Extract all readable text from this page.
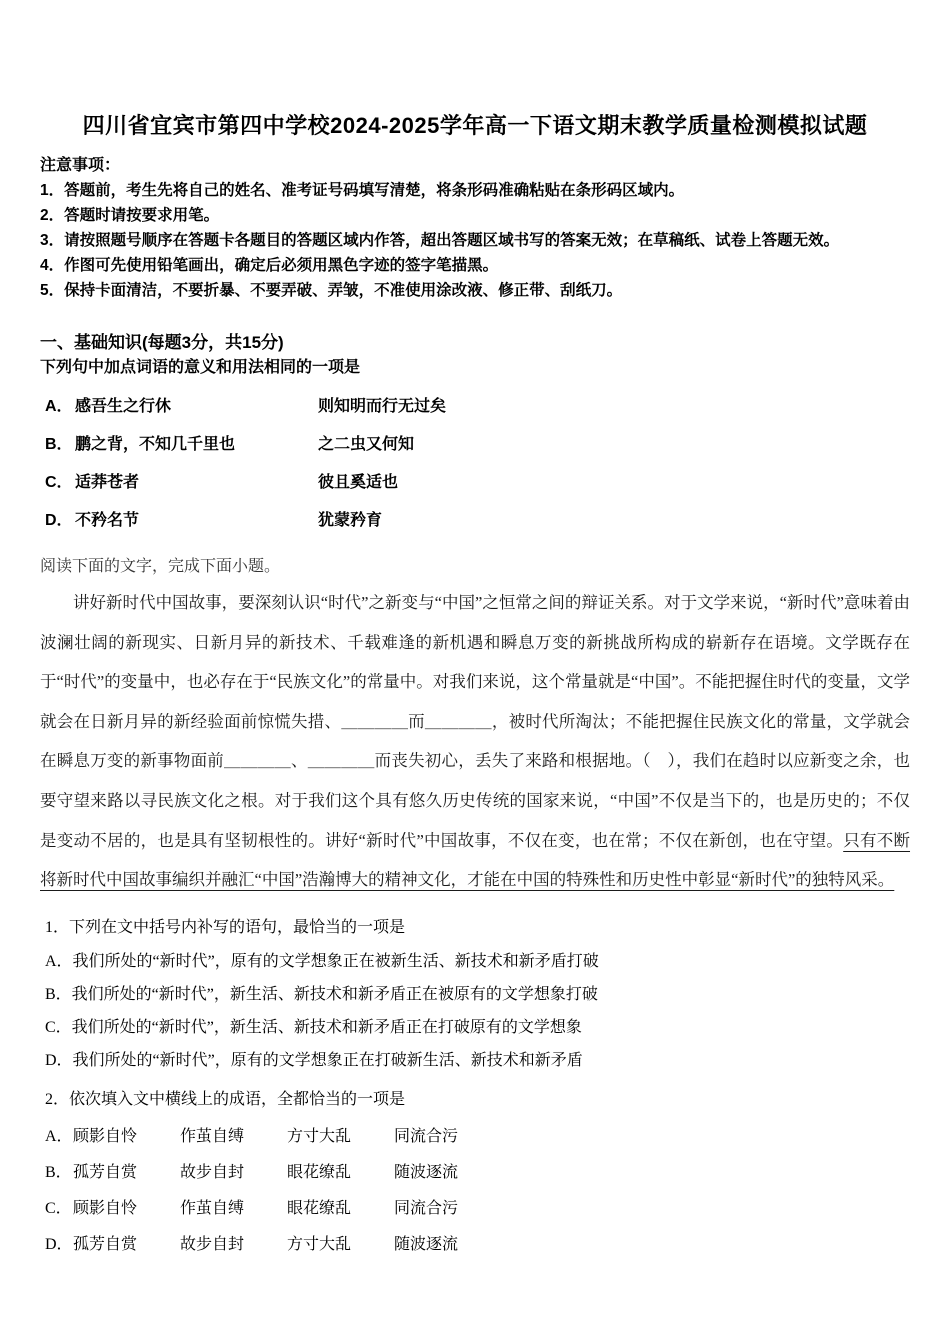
四川省宜宾市第四中学校2024-2025学年高一下语文期末教学质量检测模拟试题
注意事项：
1．答题前，考生先将自己的姓名、准考证号码填写清楚，将条形码准确粘贴在条形码区域内。
2．答题时请按要求用笔。
3．请按照题号顺序在答题卡各题目的答题区域内作答，超出答题区域书写的答案无效；在草稿纸、试卷上答题无效。
4．作图可先使用铅笔画出，确定后必须用黑色字迹的签字笔描黑。
5．保持卡面清洁，不要折暴、不要弄破、弄皱，不准使用涂改液、修正带、刮纸刀。
一、基础知识(每题3分，共15分)
下列句中加点词语的意义和用法相同的一项是
A． 感吾生之行休	则知明而行无过矣
B． 鹏之背，不知几千里也	之二虫又何知
C． 适莽苍者	彼且奚适也
D． 不矜名节	犹蒙矜育
阅读下面的文字，完成下面小题。

讲好新时代中国故事，要深刻认识“时代”之新变与“中国”之恒常之间的辩证关系。对于文学来说，“新时代”意味着由波澜壮阔的新现实、日新月异的新技术、千载难逢的新机遇和瞬息万变的新挑战所构成的崭新存在语境。文学既存在于“时代”的变量中，也必存在于“民族文化”的常量中。对我们来说，这个常量就是“中国”。不能把握住时代的变量，文学就会在日新月异的新经验面前惊慌失措、＿＿＿＿而＿＿＿＿，被时代所淘汰；不能把握住民族文化的常量，文学就会在瞬息万变的新事物面前＿＿＿＿、＿＿＿＿而丧失初心，丢失了来路和根据地。（　），我们在趋时以应新变之余，也要守望来路以寻民族文化之根。对于我们这个具有悠久历史传统的国家来说，“中国”不仅是当下的，也是历史的；不仅是变动不居的，也是具有坚韧根性的。讲好“新时代”中国故事，不仅在变，也在常；不仅在新创，也在守望。只有不断将新时代中国故事编织并融汇“中国”浩瀚博大的精神文化，才能在中国的特殊性和历史性中彰显“新时代”的独特风采。

1．下列在文中括号内补写的语句，最恰当的一项是
A．我们所处的“新时代”，原有的文学想象正在被新生活、新技术和新矛盾打破
B．我们所处的“新时代”，新生活、新技术和新矛盾正在被原有的文学想象打破
C．我们所处的“新时代”，新生活、新技术和新矛盾正在打破原有的文学想象
D．我们所处的“新时代”，原有的文学想象正在打破新生活、新技术和新矛盾
2．依次填入文中横线上的成语，全都恰当的一项是
A．顾影自怜	作茧自缚	方寸大乱	同流合污
B．孤芳自赏	故步自封	眼花缭乱	随波逐流
C．顾影自怜	作茧自缚	眼花缭乱	同流合污
D．孤芳自赏	故步自封	方寸大乱	随波逐流
